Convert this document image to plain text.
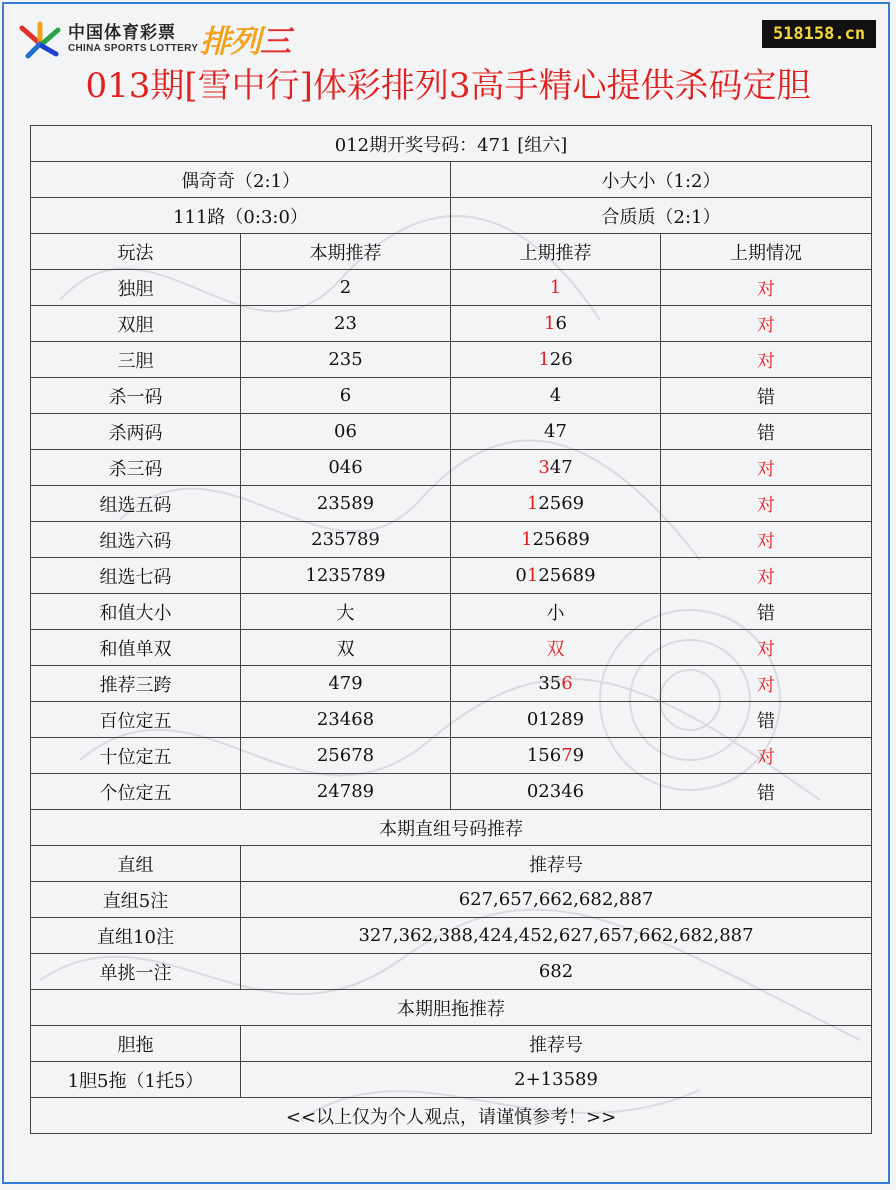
中国体育彩票
CHINA SPORTS LOTTERY 排列三	518158.cn
013期[雪中行]体彩排列3高手精心提供杀码定胆
012期开奖号码：471 [组六]			
偶奇奇（2:1）		小大小（1:2）	
111路（0:3:0）		合质质（2:1）	
玩法	本期推荐	上期推荐	上期情况
独胆	2	1	对
双胆	23	16	对
三胆	235	126	对
杀一码	6	4	错
杀两码	06	47	错
杀三码	046	347	对
组选五码	23589	12569	对
组选六码	235789	125689	对
组选七码	1235789	0125689	对
和值大小	大	小	错
和值单双	双	双	对
推荐三跨	479	356	对
百位定五	23468	01289	错
十位定五	25678	15679	对
个位定五	24789	02346	错
本期直组号码推荐			
直组	推荐号		
直组5注	627,657,662,682,887		
直组10注	327,362,388,424,452,627,657,662,682,887		
单挑一注	682		
本期胆拖推荐			
胆拖	推荐号		
1胆5拖（1托5）	2+13589		
<<以上仅为个人观点，请谨慎参考！>>			
